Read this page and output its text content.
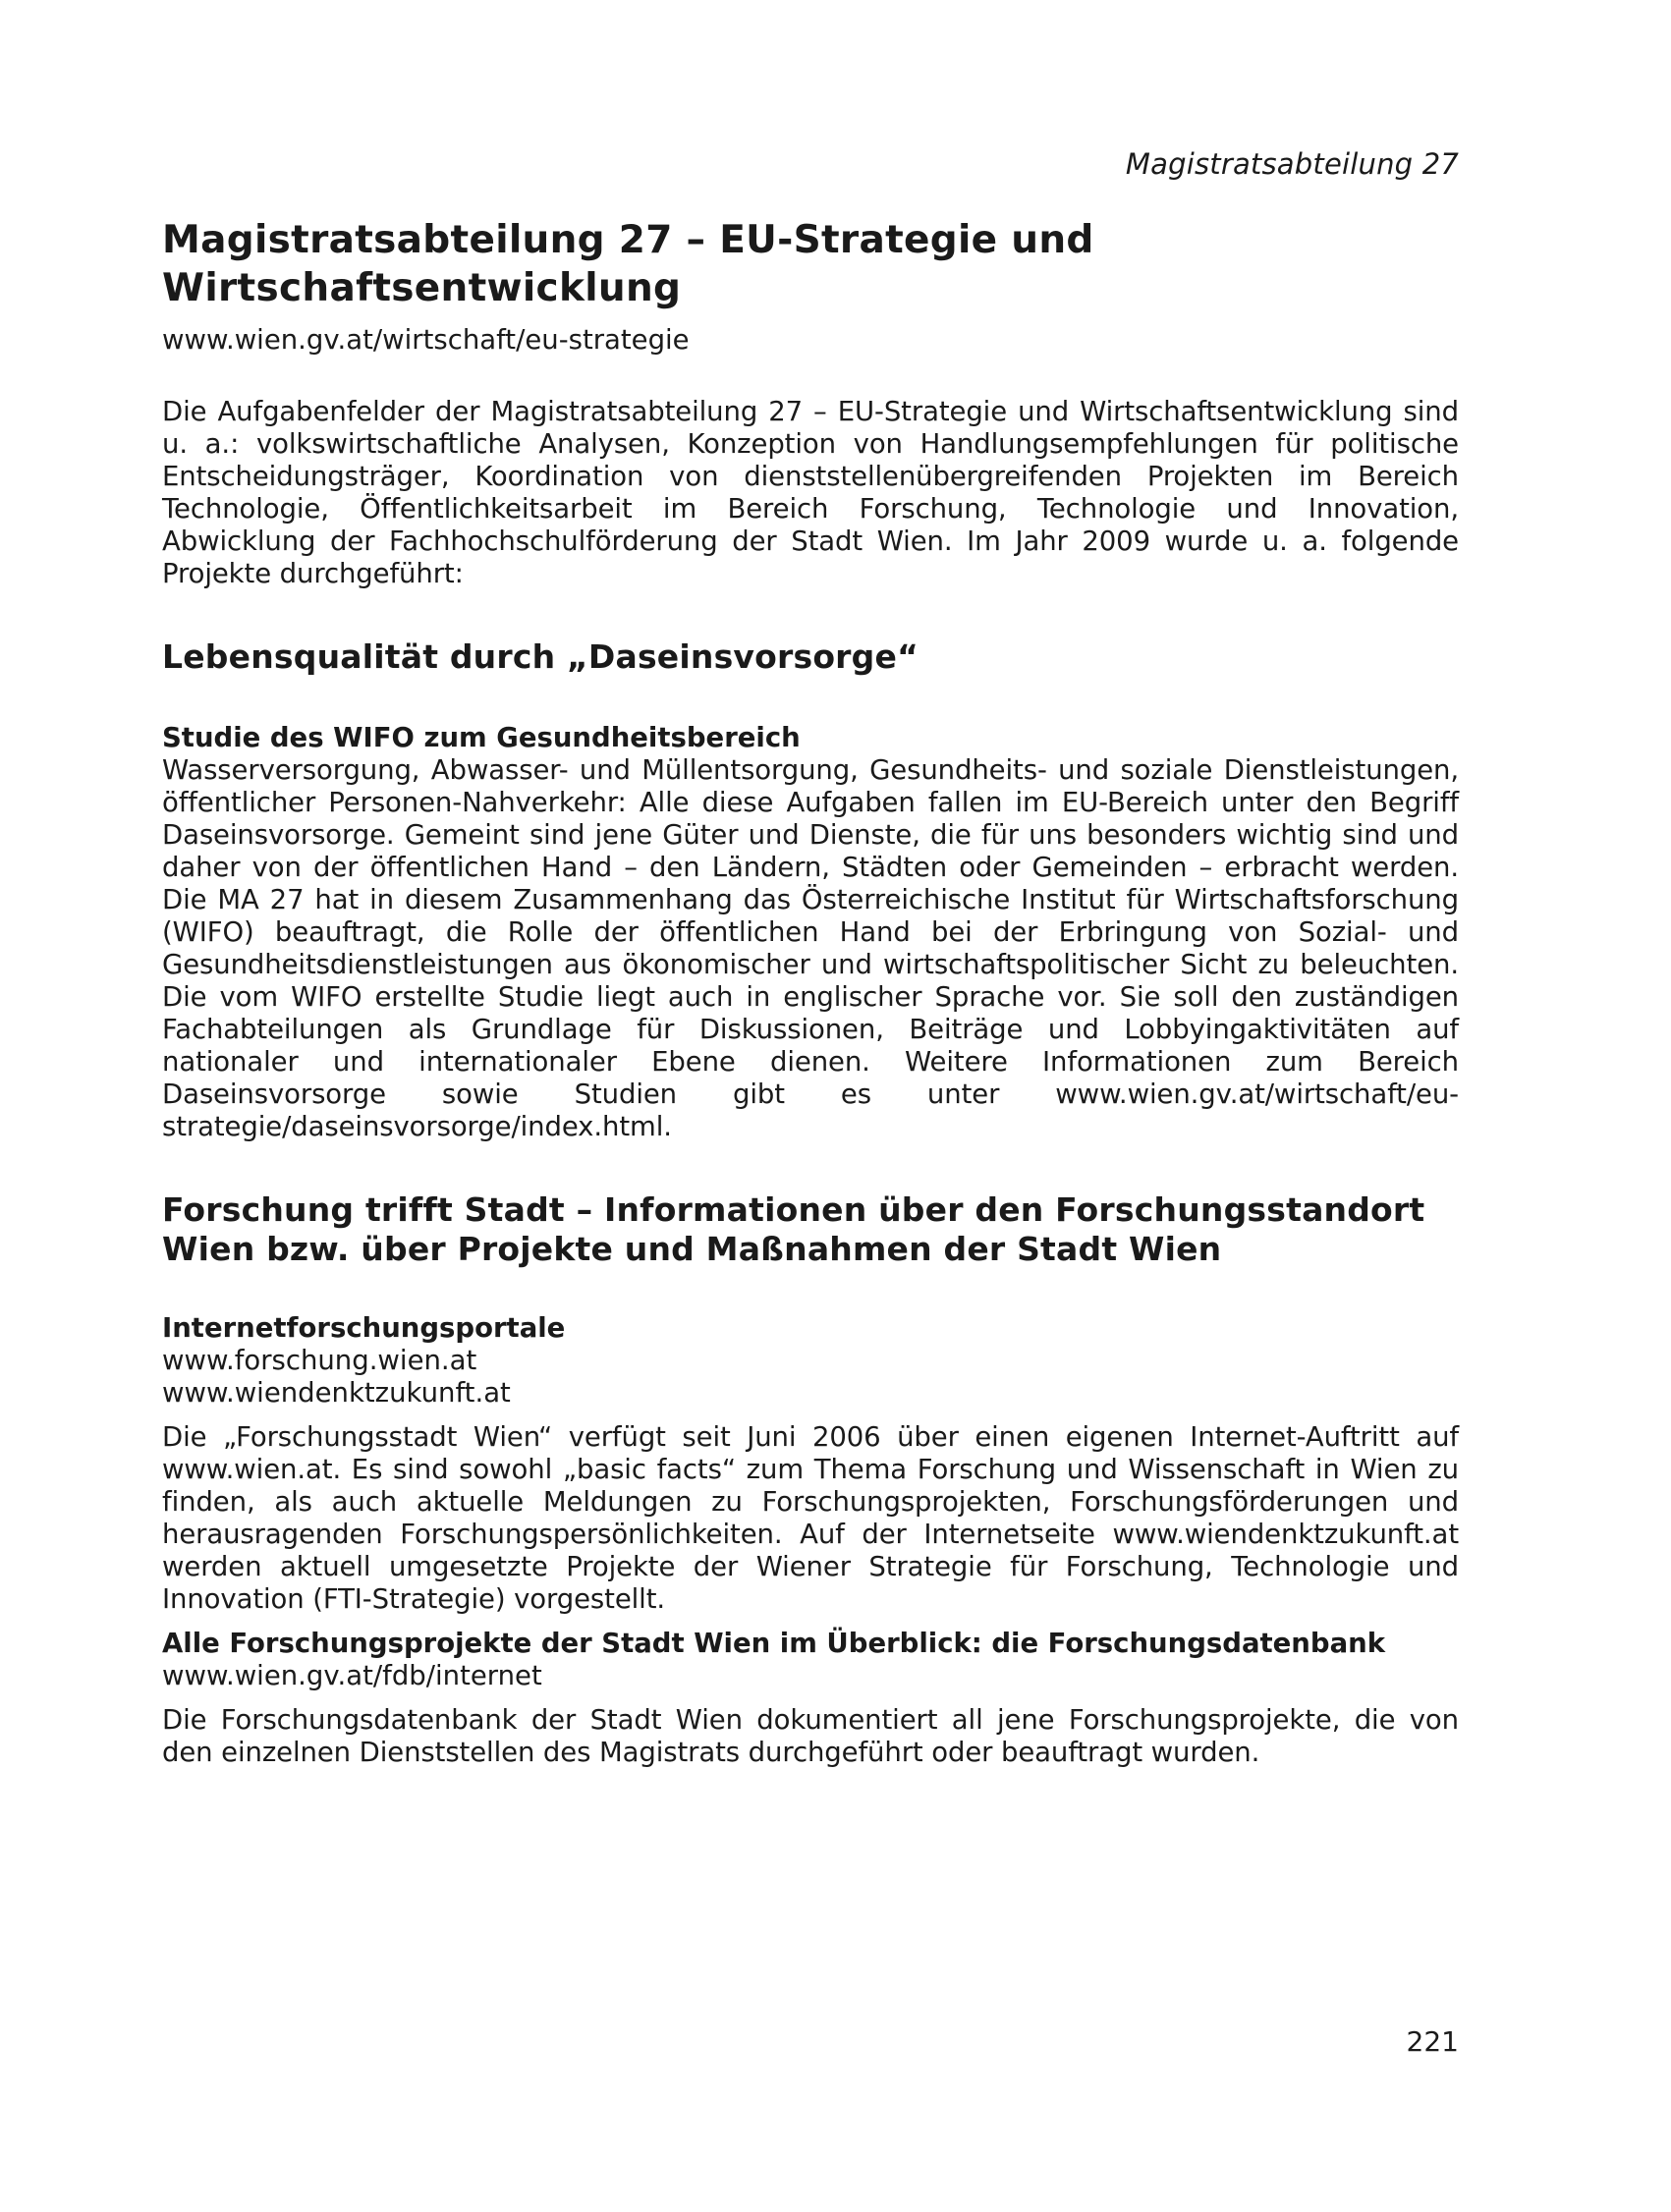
Magistratsabteilung 27
Magistratsabteilung 27 – EU-Strategie und Wirtschaftsentwicklung
www.wien.gv.at/wirtschaft/eu-strategie

Die Aufgabenfelder der Magistratsabteilung 27 – EU-Strategie und Wirtschaftsentwicklung sind u. a.: volkswirtschaftliche Analysen, Konzeption von Handlungsempfehlungen für politische Entscheidungsträger, Koordination von dienststellenübergreifenden Projekten im Bereich Technologie, Öffentlichkeitsarbeit im Bereich Forschung, Technologie und Innovation, Abwicklung der Fachhochschulförderung der Stadt Wien. Im Jahr 2009 wurde u. a. folgende Projekte durchgeführt:

Lebensqualität durch „Daseinsvorsorge“
Studie des WIFO zum Gesundheitsbereich

Wasserversorgung, Abwasser- und Müllentsorgung, Gesundheits- und soziale Dienstleistungen, öffentlicher Personen-Nahverkehr: Alle diese Aufgaben fallen im EU-Bereich unter den Begriff Daseinsvorsorge. Gemeint sind jene Güter und Dienste, die für uns besonders wichtig sind und daher von der öffentlichen Hand – den Ländern, Städten oder Gemeinden – erbracht werden. Die MA 27 hat in diesem Zusammenhang das Österreichische Institut für Wirtschaftsforschung (WIFO) beauftragt, die Rolle der öffentlichen Hand bei der Erbringung von Sozial- und Gesundheitsdienstleistungen aus ökonomischer und wirtschaftspolitischer Sicht zu beleuchten. Die vom WIFO erstellte Studie liegt auch in englischer Sprache vor. Sie soll den zuständigen Fachabteilungen als Grundlage für Diskussionen, Beiträge und Lobbyingaktivitäten auf nationaler und internationaler Ebene dienen. Weitere Informationen zum Bereich Daseinsvorsorge sowie Studien gibt es unter www.wien.gv.at/wirtschaft/eu-strategie/daseinsvorsorge/index.html.

Forschung trifft Stadt – Informationen über den Forschungsstandort Wien bzw. über Projekte und Maßnahmen der Stadt Wien
Internetforschungsportale
www.forschung.wien.at
www.wiendenktzukunft.at

Die „Forschungsstadt Wien“ verfügt seit Juni 2006 über einen eigenen Internet-Auftritt auf www.wien.at. Es sind sowohl „basic facts“ zum Thema Forschung und Wissenschaft in Wien zu finden, als auch aktuelle Meldungen zu Forschungsprojekten, Forschungsförderungen und herausragenden Forschungspersönlichkeiten. Auf der Internetseite www.wiendenktzukunft.at werden aktuell umgesetzte Projekte der Wiener Strategie für Forschung, Technologie und Innovation (FTI-Strategie) vorgestellt.

Alle Forschungsprojekte der Stadt Wien im Überblick: die Forschungsdatenbank
www.wien.gv.at/fdb/internet

Die Forschungsdatenbank der Stadt Wien dokumentiert all jene Forschungsprojekte, die von den einzelnen Dienststellen des Magistrats durchgeführt oder beauftragt wurden.

221
